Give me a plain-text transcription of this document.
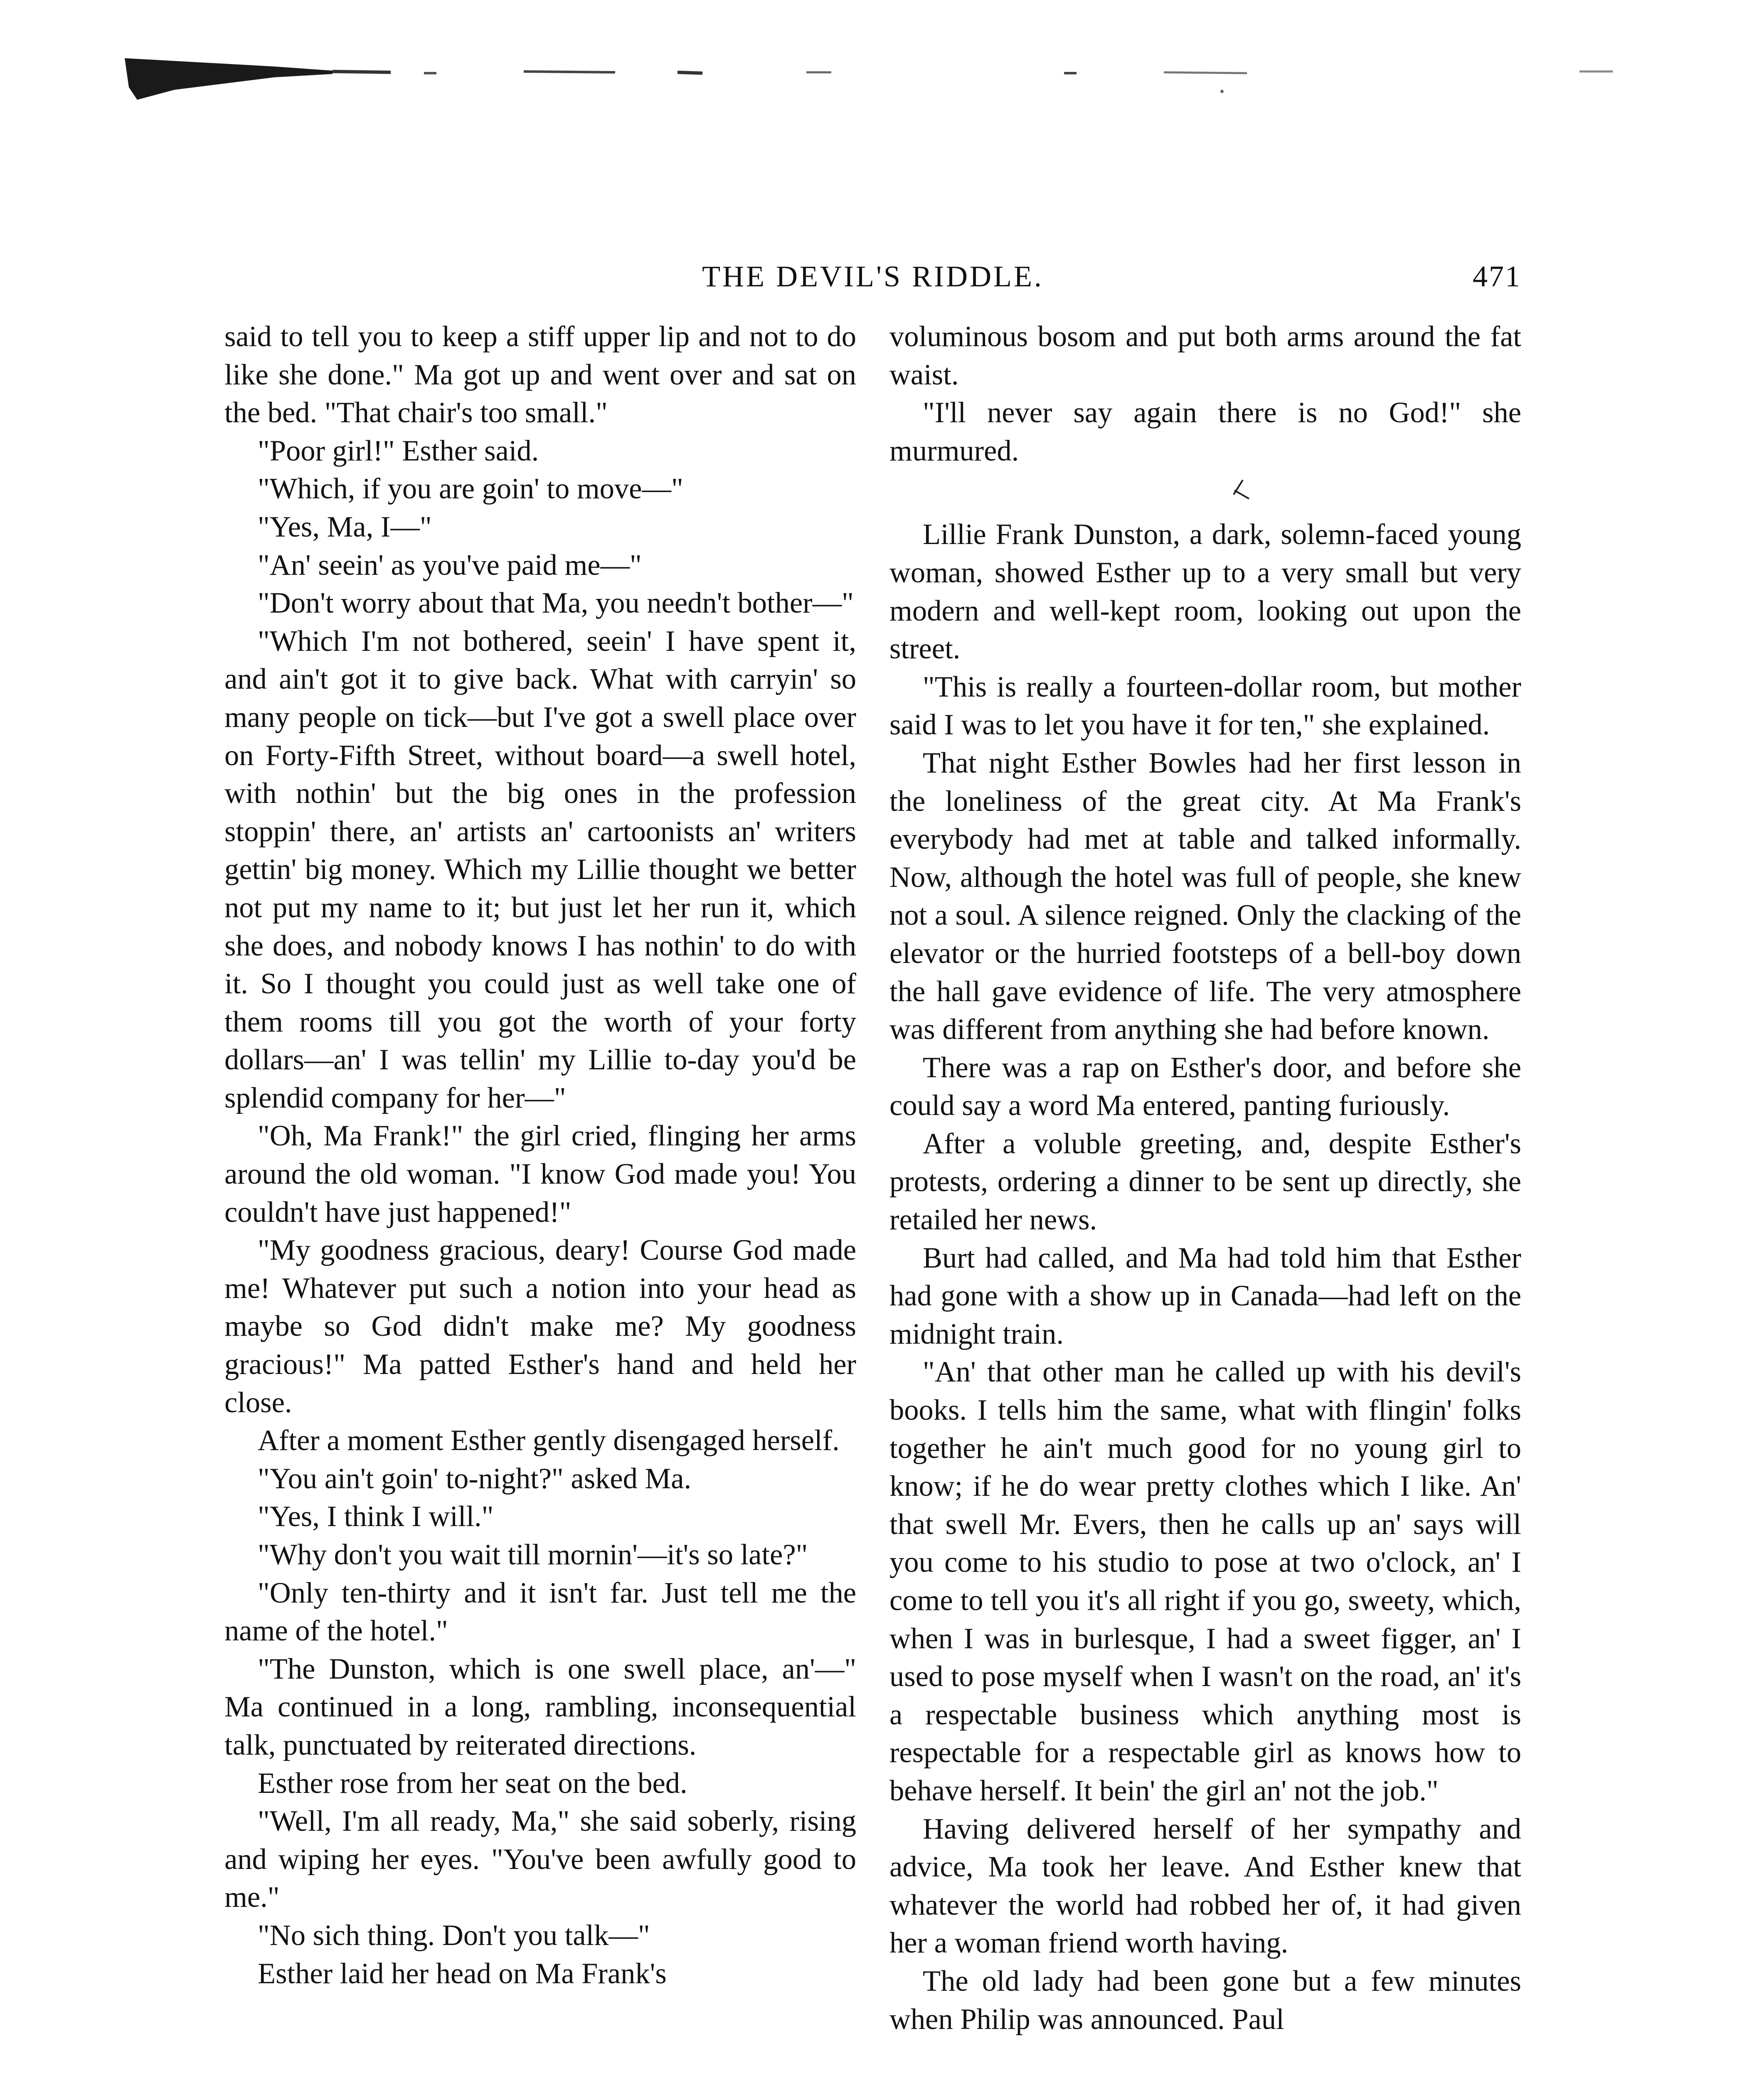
THE DEVIL'S RIDDLE.	471

said to tell you to keep a stiff upper lip and not to do like she done." Ma got up and went over and sat on the bed. "That chair's too small."

"Poor girl!" Esther said.

"Which, if you are goin' to move—"

"Yes, Ma, I—"

"An' seein' as you've paid me—"

"Don't worry about that Ma, you needn't bother—"

"Which I'm not bothered, seein' I have spent it, and ain't got it to give back. What with carryin' so many people on tick—but I've got a swell place over on Forty-Fifth Street, without board—a swell hotel, with nothin' but the big ones in the profession stoppin' there, an' artists an' cartoonists an' writers gettin' big money. Which my Lillie thought we better not put my name to it; but just let her run it, which she does, and nobody knows I has nothin' to do with it. So I thought you could just as well take one of them rooms till you got the worth of your forty dollars—an' I was tellin' my Lillie to-day you'd be splendid company for her—"

"Oh, Ma Frank!" the girl cried, flinging her arms around the old woman. "I know God made you! You couldn't have just happened!"

"My goodness gracious, deary! Course God made me! Whatever put such a notion into your head as maybe so God didn't make me? My goodness gracious!" Ma patted Esther's hand and held her close.

After a moment Esther gently disengaged herself.

"You ain't goin' to-night?" asked Ma.

"Yes, I think I will."

"Why don't you wait till mornin'—it's so late?"

"Only ten-thirty and it isn't far. Just tell me the name of the hotel."

"The Dunston, which is one swell place, an'—" Ma continued in a long, rambling, inconsequential talk, punctuated by reiterated directions.

Esther rose from her seat on the bed.

"Well, I'm all ready, Ma," she said soberly, rising and wiping her eyes. "You've been awfully good to me."

"No sich thing. Don't you talk—"

Esther laid her head on Ma Frank's

voluminous bosom and put both arms around the fat waist.

"I'll never say again there is no God!" she murmured.

Lillie Frank Dunston, a dark, solemn-faced young woman, showed Esther up to a very small but very modern and well-kept room, looking out upon the street.

"This is really a fourteen-dollar room, but mother said I was to let you have it for ten," she explained.

That night Esther Bowles had her first lesson in the loneliness of the great city. At Ma Frank's everybody had met at table and talked informally. Now, although the hotel was full of people, she knew not a soul. A silence reigned. Only the clacking of the elevator or the hurried footsteps of a bell-boy down the hall gave evidence of life. The very atmosphere was different from anything she had before known.

There was a rap on Esther's door, and before she could say a word Ma entered, panting furiously.

After a voluble greeting, and, despite Esther's protests, ordering a dinner to be sent up directly, she retailed her news.

Burt had called, and Ma had told him that Esther had gone with a show up in Canada—had left on the midnight train.

"An' that other man he called up with his devil's books. I tells him the same, what with flingin' folks together he ain't much good for no young girl to know; if he do wear pretty clothes which I like. An' that swell Mr. Evers, then he calls up an' says will you come to his studio to pose at two o'clock, an' I come to tell you it's all right if you go, sweety, which, when I was in burlesque, I had a sweet figger, an' I used to pose myself when I wasn't on the road, an' it's a respectable business which anything most is respectable for a respectable girl as knows how to behave herself. It bein' the girl an' not the job."

Having delivered herself of her sympathy and advice, Ma took her leave. And Esther knew that whatever the world had robbed her of, it had given her a woman friend worth having.

The old lady had been gone but a few minutes when Philip was announced. Paul
